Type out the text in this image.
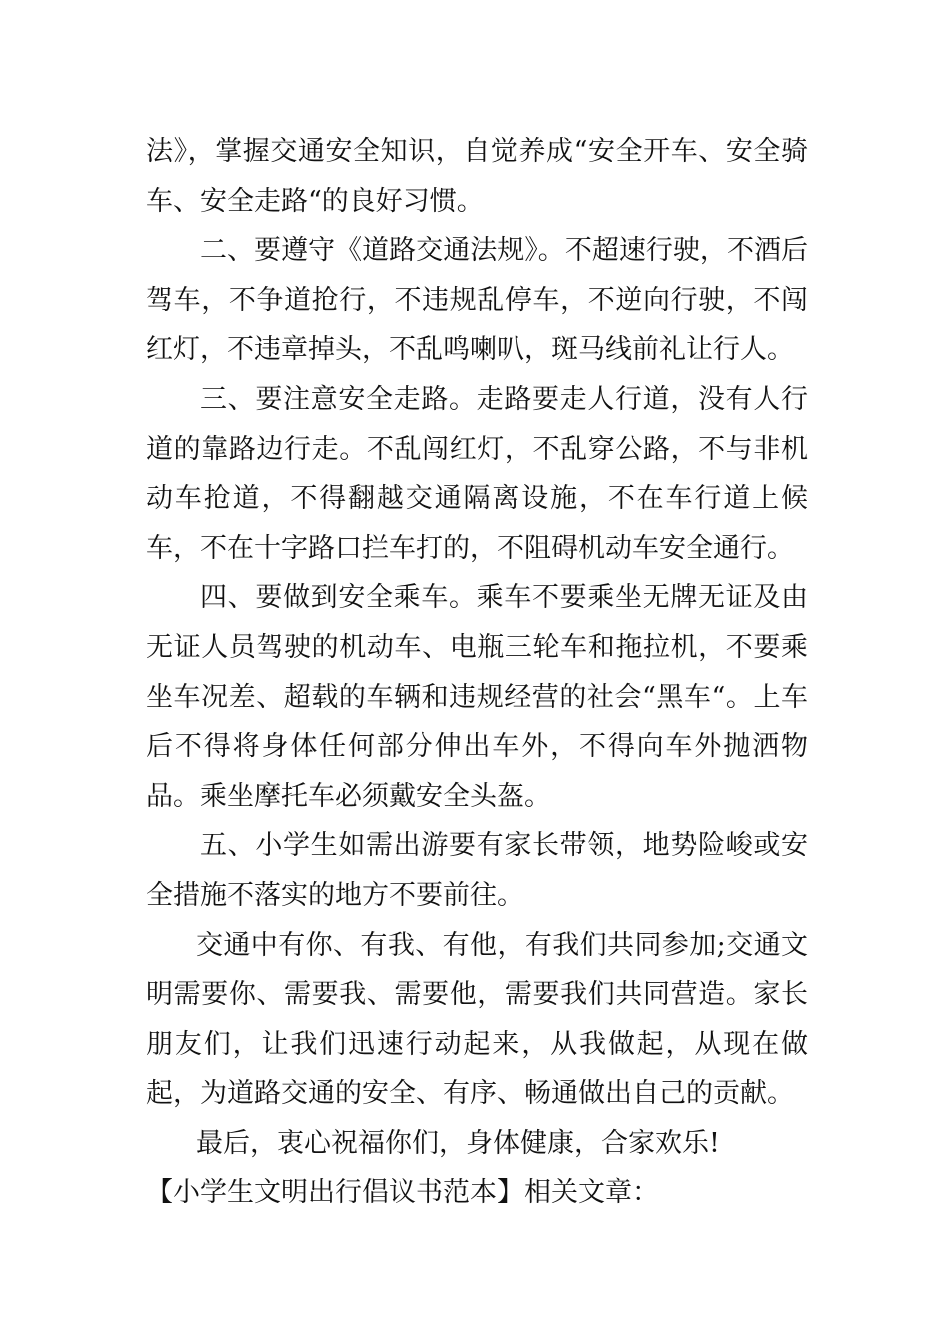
法》，掌握交通安全知识，自觉养成“安全开车、安全骑车、安全走路“的良好习惯。

二、要遵守《道路交通法规》。不超速行驶，不酒后驾车，不争道抢行，不违规乱停车，不逆向行驶，不闯红灯，不违章掉头，不乱鸣喇叭，斑马线前礼让行人。

三、要注意安全走路。走路要走人行道，没有人行道的靠路边行走。不乱闯红灯，不乱穿公路，不与非机动车抢道，不得翻越交通隔离设施，不在车行道上候车，不在十字路口拦车打的，不阻碍机动车安全通行。

四、要做到安全乘车。乘车不要乘坐无牌无证及由无证人员驾驶的机动车、电瓶三轮车和拖拉机，不要乘坐车况差、超载的车辆和违规经营的社会“黑车“。上车后不得将身体任何部分伸出车外，不得向车外抛洒物品。乘坐摩托车必须戴安全头盔。

五、小学生如需出游要有家长带领，地势险峻或安全措施不落实的地方不要前往。

交通中有你、有我、有他，有我们共同参加;交通文明需要你、需要我、需要他，需要我们共同营造。家长朋友们，让我们迅速行动起来，从我做起，从现在做起，为道路交通的安全、有序、畅通做出自己的贡献。

最后，衷心祝福你们，身体健康，合家欢乐!

【小学生文明出行倡议书范本】相关文章：
